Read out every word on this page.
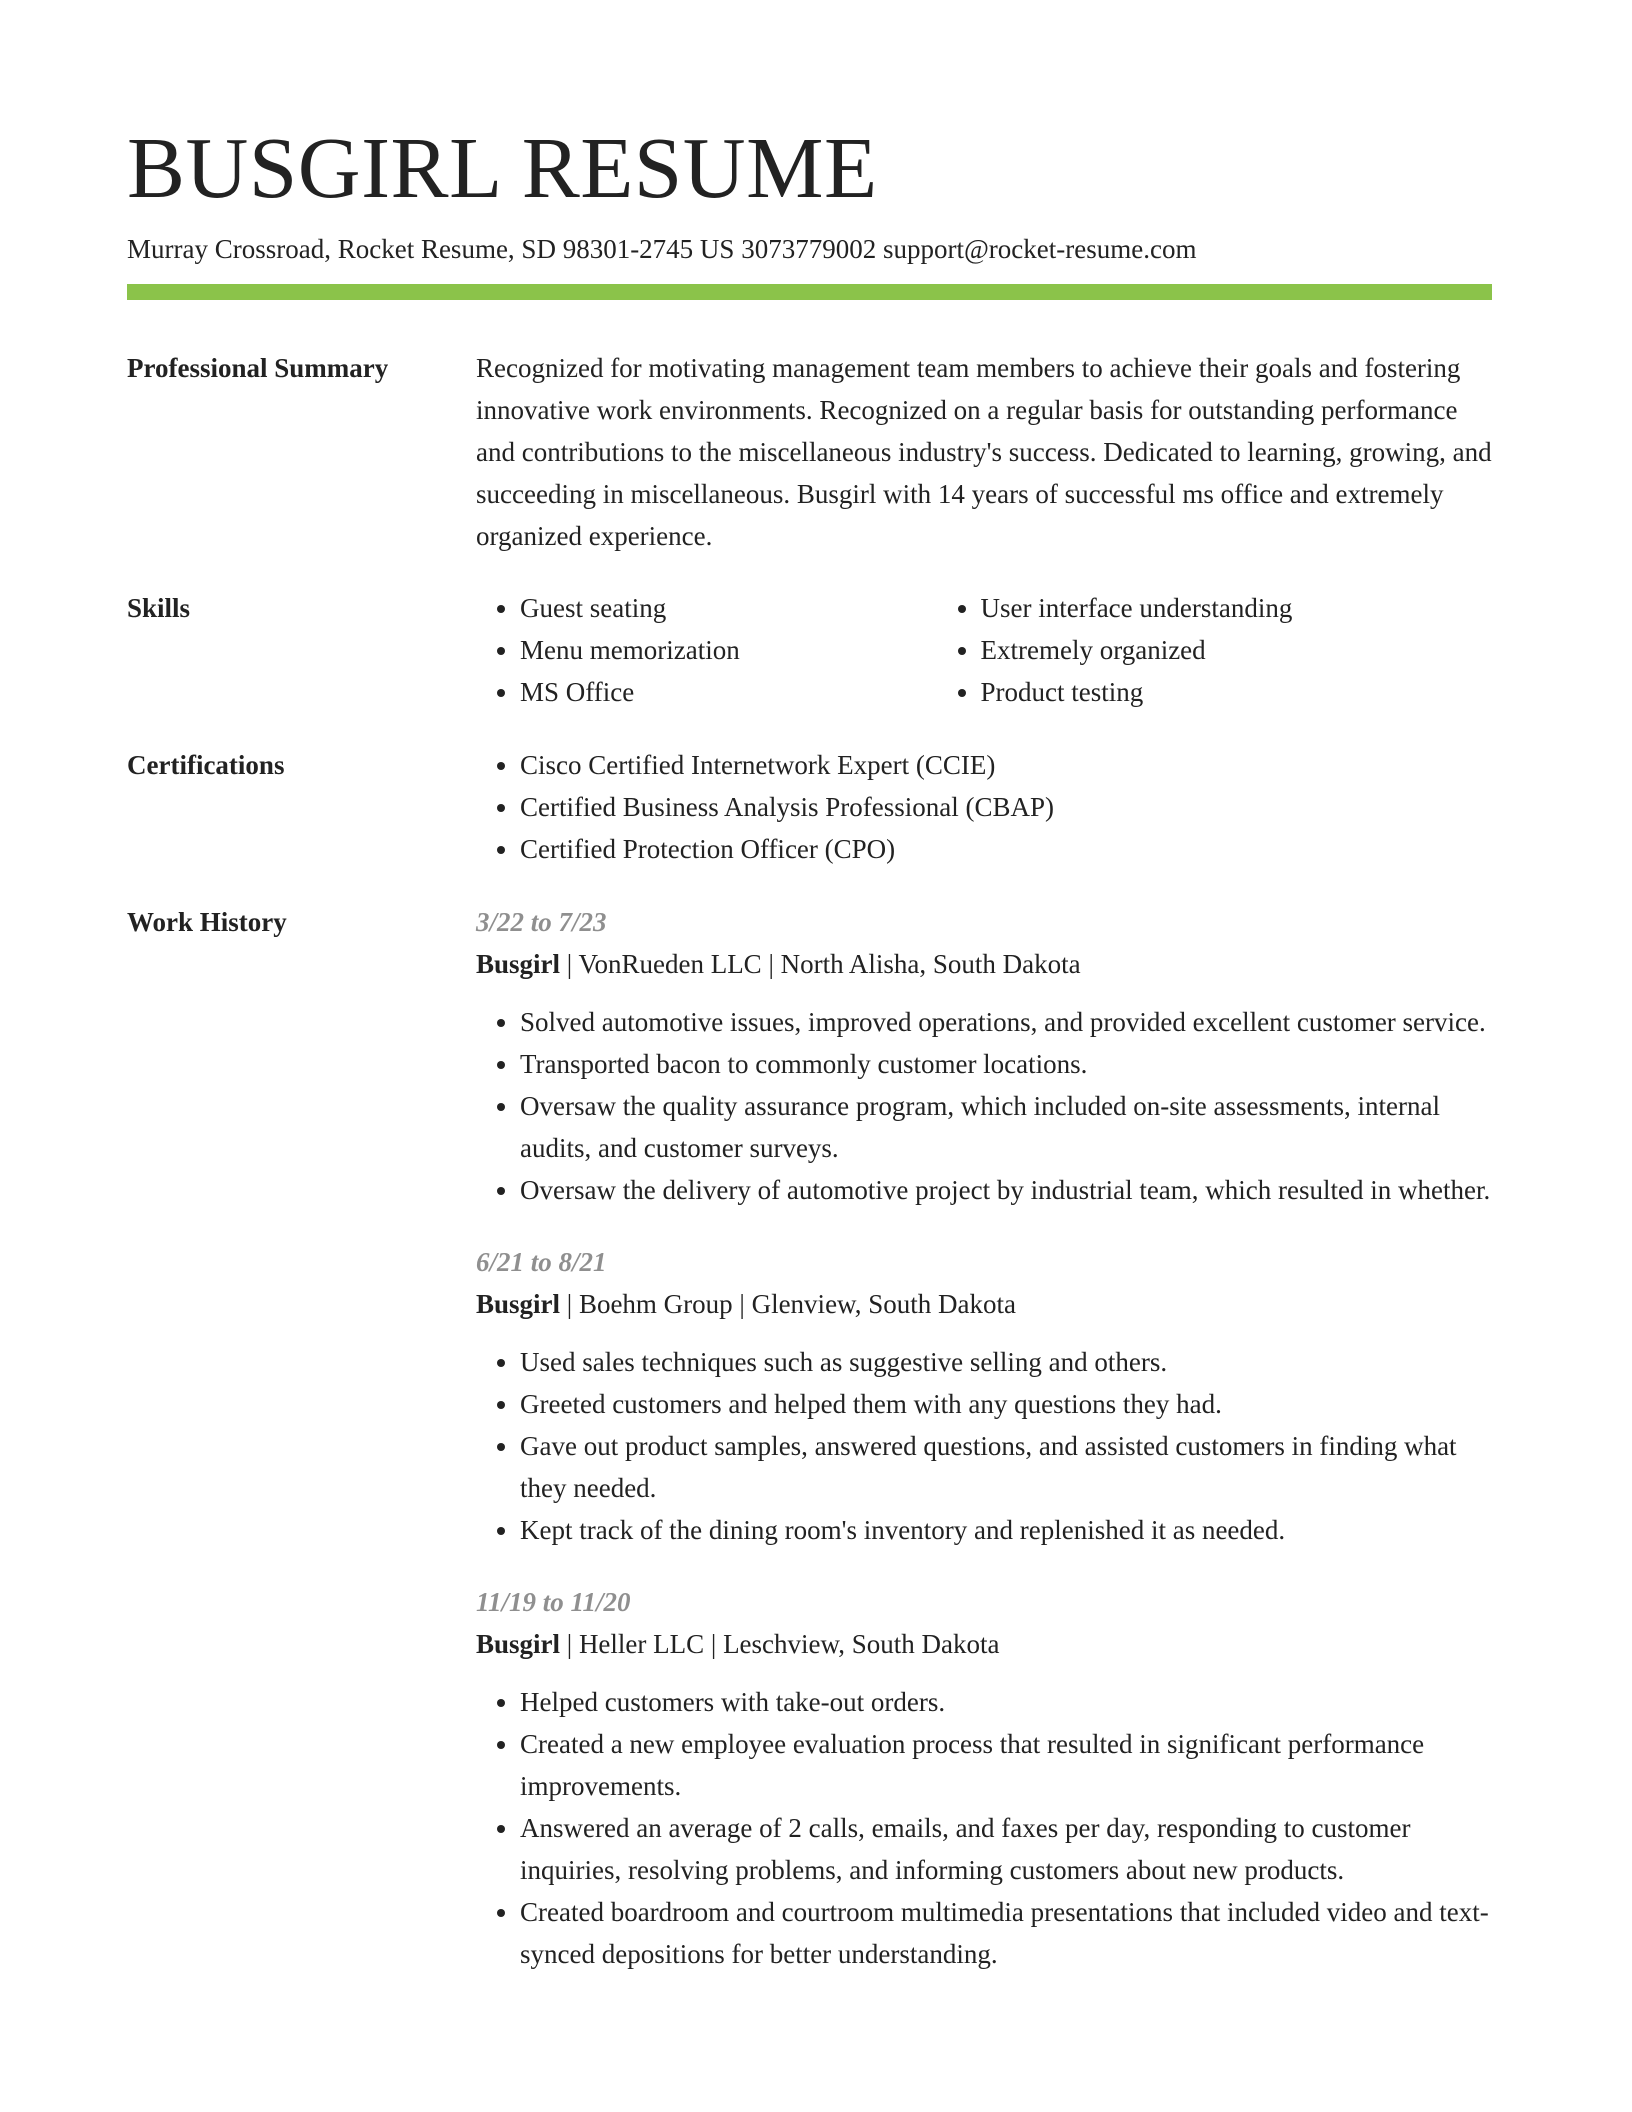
BUSGIRL RESUME
Murray Crossroad, Rocket Resume, SD 98301-2745 US 3073779002 support@rocket-resume.com
Professional Summary	Recognized for motivating management team members to achieve their goals and fostering innovative work environments. Recognized on a regular basis for outstanding performance and contributions to the miscellaneous industry's success. Dedicated to learning, growing, and succeeding in miscellaneous. Busgirl with 14 years of successful ms office and extremely organized experience.

Skills	• Guest seating
• Menu memorization
• MS Office
• User interface understanding
• Extremely organized
• Product testing
Certifications	• Cisco Certified Internetwork Expert (CCIE)
• Certified Business Analysis Professional (CBAP)
• Certified Protection Officer (CPO)
Work History	3/22 to 7/23
Busgirl | VonRueden LLC | North Alisha, South Dakota
• Solved automotive issues, improved operations, and provided excellent customer service.
• Transported bacon to commonly customer locations.
• Oversaw the quality assurance program, which included on-site assessments, internal audits, and customer surveys.
• Oversaw the delivery of automotive project by industrial team, which resulted in whether.
6/21 to 8/21
Busgirl | Boehm Group | Glenview, South Dakota
• Used sales techniques such as suggestive selling and others.
• Greeted customers and helped them with any questions they had.
• Gave out product samples, answered questions, and assisted customers in finding what they needed.
• Kept track of the dining room's inventory and replenished it as needed.
11/19 to 11/20
Busgirl | Heller LLC | Leschview, South Dakota
• Helped customers with take-out orders.
• Created a new employee evaluation process that resulted in significant performance improvements.
• Answered an average of 2 calls, emails, and faxes per day, responding to customer inquiries, resolving problems, and informing customers about new products.
• Created boardroom and courtroom multimedia presentations that included video and text-synced depositions for better understanding.
